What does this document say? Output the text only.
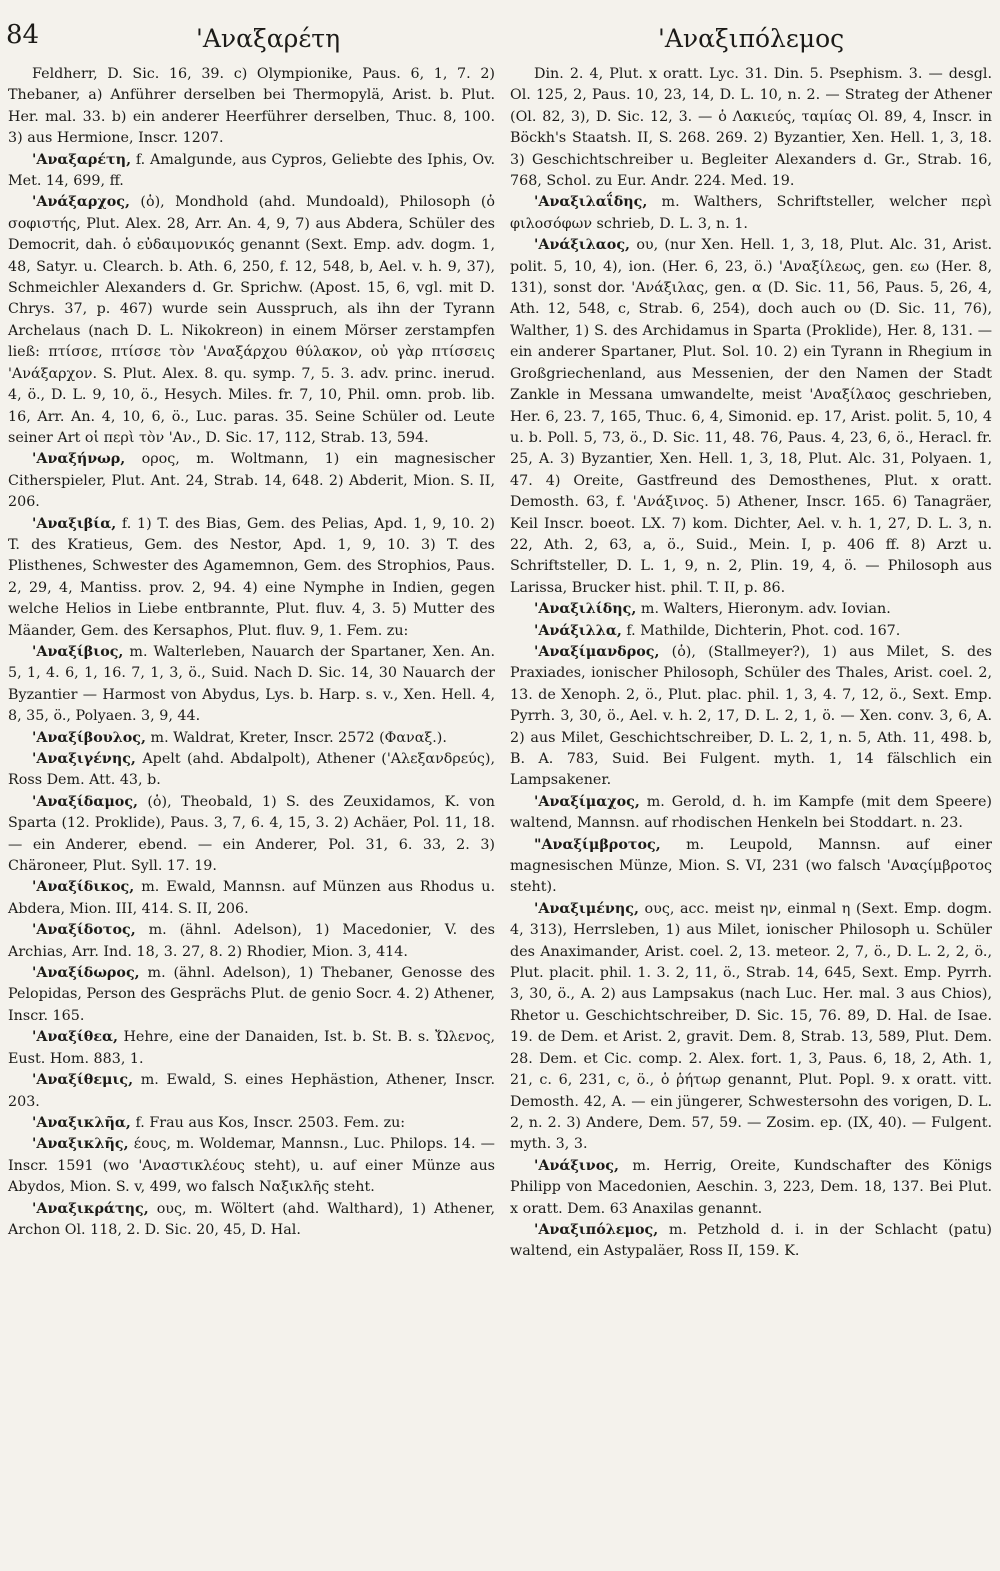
84	'Αναξαρέτη	'Αναξιπόλεμος

Feldherr, D. Sic. 16, 39. c) Olympionike, Paus. 6, 1, 7. 2) Thebaner, a) Anführer derselben bei Thermopylä, Arist. b. Plut. Her. mal. 33. b) ein anderer Heerführer derselben, Thuc. 8, 100. 3) aus Hermione, Inscr. 1207.

'Αναξαρέτη, f. Amalgunde, aus Cypros, Geliebte des Iphis, Ov. Met. 14, 699, ff.

'Ανάξαρχος, (ὁ), Mondhold (ahd. Mundoald), Philosoph (ὁ σοφιστής, Plut. Alex. 28, Arr. An. 4, 9, 7) aus Abdera, Schüler des Democrit, dah. ὁ εὐδαιμονικός genannt (Sext. Emp. adv. dogm. 1, 48, Satyr. u. Clearch. b. Ath. 6, 250, f. 12, 548, b, Ael. v. h. 9, 37), Schmeichler Alexanders d. Gr. Sprichw. (Apost. 15, 6, vgl. mit D. Chrys. 37, p. 467) wurde sein Ausspruch, als ihn der Tyrann Archelaus (nach D. L. Nikokreon) in einem Mörser zerstampfen ließ: πτίσσε, πτίσσε τὸν 'Αναξάρχου θύλακον, οὐ γὰρ πτίσσεις 'Ανάξαρχον. S. Plut. Alex. 8. qu. symp. 7, 5. 3. adv. princ. inerud. 4, ö., D. L. 9, 10, ö., Hesych. Miles. fr. 7, 10, Phil. omn. prob. lib. 16, Arr. An. 4, 10, 6, ö., Luc. paras. 35. Seine Schüler od. Leute seiner Art οἱ περὶ τὸν 'Αν., D. Sic. 17, 112, Strab. 13, 594.

'Αναξήνωρ, ορος, m. Woltmann, 1) ein magnesischer Citherspieler, Plut. Ant. 24, Strab. 14, 648. 2) Abderit, Mion. S. II, 206.

'Αναξιβία, f. 1) T. des Bias, Gem. des Pelias, Apd. 1, 9, 10. 2) T. des Kratieus, Gem. des Nestor, Apd. 1, 9, 10. 3) T. des Plisthenes, Schwester des Agamemnon, Gem. des Strophios, Paus. 2, 29, 4, Mantiss. prov. 2, 94. 4) eine Nymphe in Indien, gegen welche Helios in Liebe entbrannte, Plut. fluv. 4, 3. 5) Mutter des Mäander, Gem. des Kersaphos, Plut. fluv. 9, 1. Fem. zu:

'Αναξίβιος, m. Walterleben, Nauarch der Spartaner, Xen. An. 5, 1, 4. 6, 1, 16. 7, 1, 3, ö., Suid. Nach D. Sic. 14, 30 Nauarch der Byzantier — Harmost von Abydus, Lys. b. Harp. s. v., Xen. Hell. 4, 8, 35, ö., Polyaen. 3, 9, 44.

'Αναξίβουλος, m. Waldrat, Kreter, Inscr. 2572 (Φαναξ.).

'Αναξιγένης, Apelt (ahd. Abdalpolt), Athener ('Αλεξανδρεύς), Ross Dem. Att. 43, b.

'Αναξίδαμος, (ὁ), Theobald, 1) S. des Zeuxidamos, K. von Sparta (12. Proklide), Paus. 3, 7, 6. 4, 15, 3. 2) Achäer, Pol. 11, 18. — ein Anderer, ebend. — ein Anderer, Pol. 31, 6. 33, 2. 3) Chäroneer, Plut. Syll. 17. 19.

'Αναξίδικος, m. Ewald, Mannsn. auf Münzen aus Rhodus u. Abdera, Mion. III, 414. S. II, 206.

'Αναξίδοτος, m. (ähnl. Adelson), 1) Macedonier, V. des Archias, Arr. Ind. 18, 3. 27, 8. 2) Rhodier, Mion. 3, 414.

'Αναξίδωρος, m. (ähnl. Adelson), 1) Thebaner, Genosse des Pelopidas, Person des Gesprächs Plut. de genio Socr. 4. 2) Athener, Inscr. 165.

'Αναξίθεα, Hehre, eine der Danaiden, Ist. b. St. B. s. Ὤλενος, Eust. Hom. 883, 1.

'Αναξίθεμις, m. Ewald, S. eines Hephästion, Athener, Inscr. 203.

'Αναξικλῆα, f. Frau aus Kos, Inscr. 2503. Fem. zu:

'Αναξικλῆς, έους, m. Woldemar, Mannsn., Luc. Philops. 14. — Inscr. 1591 (wo 'Αναστικλέους steht), u. auf einer Münze aus Abydos, Mion. S. v, 499, wo falsch Ναξικλῆς steht.

'Αναξικράτης, ους, m. Wöltert (ahd. Walthard), 1) Athener, Archon Ol. 118, 2. D. Sic. 20, 45, D. Hal.

Din. 2. 4, Plut. x oratt. Lyc. 31. Din. 5. Psephism. 3. — desgl. Ol. 125, 2, Paus. 10, 23, 14, D. L. 10, n. 2. — Strateg der Athener (Ol. 82, 3), D. Sic. 12, 3. — ὁ Λακιεύς, ταμίας Ol. 89, 4, Inscr. in Böckh's Staatsh. II, S. 268. 269. 2) Byzantier, Xen. Hell. 1, 3, 18. 3) Geschichtschreiber u. Begleiter Alexanders d. Gr., Strab. 16, 768, Schol. zu Eur. Andr. 224. Med. 19.

'Αναξιλαΐδης, m. Walthers, Schriftsteller, welcher περὶ φιλοσόφων schrieb, D. L. 3, n. 1.

'Ανάξιλαος, ου, (nur Xen. Hell. 1, 3, 18, Plut. Alc. 31, Arist. polit. 5, 10, 4), ion. (Her. 6, 23, ö.) 'Αναξίλεως, gen. εω (Her. 8, 131), sonst dor. 'Ανάξιλας, gen. α (D. Sic. 11, 56, Paus. 5, 26, 4, Ath. 12, 548, c, Strab. 6, 254), doch auch ου (D. Sic. 11, 76), Walther, 1) S. des Archidamus in Sparta (Proklide), Her. 8, 131. — ein anderer Spartaner, Plut. Sol. 10. 2) ein Tyrann in Rhegium in Großgriechenland, aus Messenien, der den Namen der Stadt Zankle in Messana umwandelte, meist 'Αναξίλαος geschrieben, Her. 6, 23. 7, 165, Thuc. 6, 4, Simonid. ep. 17, Arist. polit. 5, 10, 4 u. b. Poll. 5, 73, ö., D. Sic. 11, 48. 76, Paus. 4, 23, 6, ö., Heracl. fr. 25, A. 3) Byzantier, Xen. Hell. 1, 3, 18, Plut. Alc. 31, Polyaen. 1, 47. 4) Oreite, Gastfreund des Demosthenes, Plut. x oratt. Demosth. 63, f. 'Ανάξινος. 5) Athener, Inscr. 165. 6) Tanagräer, Keil Inscr. boeot. LX. 7) kom. Dichter, Ael. v. h. 1, 27, D. L. 3, n. 22, Ath. 2, 63, a, ö., Suid., Mein. I, p. 406 ff. 8) Arzt u. Schriftsteller, D. L. 1, 9, n. 2, Plin. 19, 4, ö. — Philosoph aus Larissa, Brucker hist. phil. T. II, p. 86.

'Αναξιλίδης, m. Walters, Hieronym. adv. Iovian.

'Ανάξιλλα, f. Mathilde, Dichterin, Phot. cod. 167.

'Αναξίμανδρος, (ὁ), (Stallmeyer?), 1) aus Milet, S. des Praxiades, ionischer Philosoph, Schüler des Thales, Arist. coel. 2, 13. de Xenoph. 2, ö., Plut. plac. phil. 1, 3, 4. 7, 12, ö., Sext. Emp. Pyrrh. 3, 30, ö., Ael. v. h. 2, 17, D. L. 2, 1, ö. — Xen. conv. 3, 6, A. 2) aus Milet, Geschichtschreiber, D. L. 2, 1, n. 5, Ath. 11, 498. b, B. A. 783, Suid. Bei Fulgent. myth. 1, 14 fälschlich ein Lampsakener.

'Αναξίμαχος, m. Gerold, d. h. im Kampfe (mit dem Speere) waltend, Mannsn. auf rhodischen Henkeln bei Stoddart. n. 23.

"Αναξίμβροτος, m. Leupold, Mannsn. auf einer magnesischen Münze, Mion. S. VI, 231 (wo falsch 'Αναςίμβροτος steht).

'Αναξιμένης, ους, acc. meist ην, einmal η (Sext. Emp. dogm. 4, 313), Herrsleben, 1) aus Milet, ionischer Philosoph u. Schüler des Anaximander, Arist. coel. 2, 13. meteor. 2, 7, ö., D. L. 2, 2, ö., Plut. placit. phil. 1. 3. 2, 11, ö., Strab. 14, 645, Sext. Emp. Pyrrh. 3, 30, ö., A. 2) aus Lampsakus (nach Luc. Her. mal. 3 aus Chios), Rhetor u. Geschichtschreiber, D. Sic. 15, 76. 89, D. Hal. de Isae. 19. de Dem. et Arist. 2, gravit. Dem. 8, Strab. 13, 589, Plut. Dem. 28. Dem. et Cic. comp. 2. Alex. fort. 1, 3, Paus. 6, 18, 2, Ath. 1, 21, c. 6, 231, c, ö., ὁ ῥήτωρ genannt, Plut. Popl. 9. x oratt. vitt. Demosth. 42, A. — ein jüngerer, Schwestersohn des vorigen, D. L. 2, n. 2. 3) Andere, Dem. 57, 59. — Zosim. ep. (IX, 40). — Fulgent. myth. 3, 3.

'Ανάξινος, m. Herrig, Oreite, Kundschafter des Königs Philipp von Macedonien, Aeschin. 3, 223, Dem. 18, 137. Bei Plut. x oratt. Dem. 63 Anaxilas genannt.

'Αναξιπόλεμος, m. Petzhold d. i. in der Schlacht (patu) waltend, ein Astypaläer, Ross II, 159. K.
